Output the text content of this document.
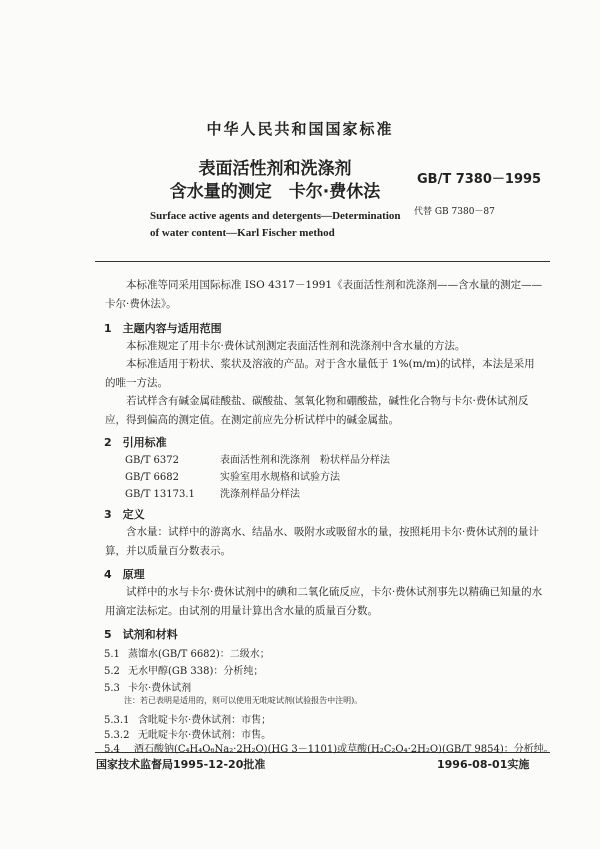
中华人民共和国国家标准
表面活性剂和洗涤剂
含水量的测定　卡尔·费休法
GB/T 7380－1995
代替 GB 7380－87
Surface active agents and detergents—Determination
of water content—Karl Fischer method
本标准等同采用国际标准 ISO 4317－1991《表面活性剂和洗涤剂——含水量的测定——卡尔·费休法》。
1　主题内容与适用范围
本标准规定了用卡尔·费休试剂测定表面活性剂和洗涤剂中含水量的方法。
本标准适用于粉状、浆状及溶液的产品。对于含水量低于 1%(m/m)的试样，本法是采用的唯一方法。
若试样含有碱金属硅酸盐、碳酸盐、氢氧化物和硼酸盐，碱性化合物与卡尔·费休试剂反应，得到偏高的测定值。在测定前应先分析试样中的碱金属盐。
2　引用标准
GB/T 6372	表面活性剂和洗涤剂　粉状样品分样法
GB/T 6682	实验室用水规格和试验方法
GB/T 13173.1	洗涤剂样品分样法
3　定义
含水量：试样中的游离水、结晶水、吸附水或吸留水的量，按照耗用卡尔·费休试剂的量计算，并以质量百分数表示。
4　原理
试样中的水与卡尔·费休试剂中的碘和二氧化硫反应，卡尔·费休试剂事先以精确已知量的水用滴定法标定。由试剂的用量计算出含水量的质量百分数。
5　试剂和材料
5.1 蒸馏水(GB/T 6682)：二级水；
5.2 无水甲醇(GB 338)：分析纯；
5.3 卡尔·费休试剂
注：若已表明是适用的，则可以使用无吡啶试剂(试验报告中注明)。
5.3.1 含吡啶卡尔·费休试剂：市售；
5.3.2 无吡啶卡尔·费休试剂：市售。
5.4 酒石酸钠(C₄H₄O₆Na₂·2H₂O)(HG 3－1101)或草酸(H₂C₂O₄·2H₂O)(GB/T 9854)：分析纯。
国家技术监督局1995-12-20批准	1996-08-01实施
